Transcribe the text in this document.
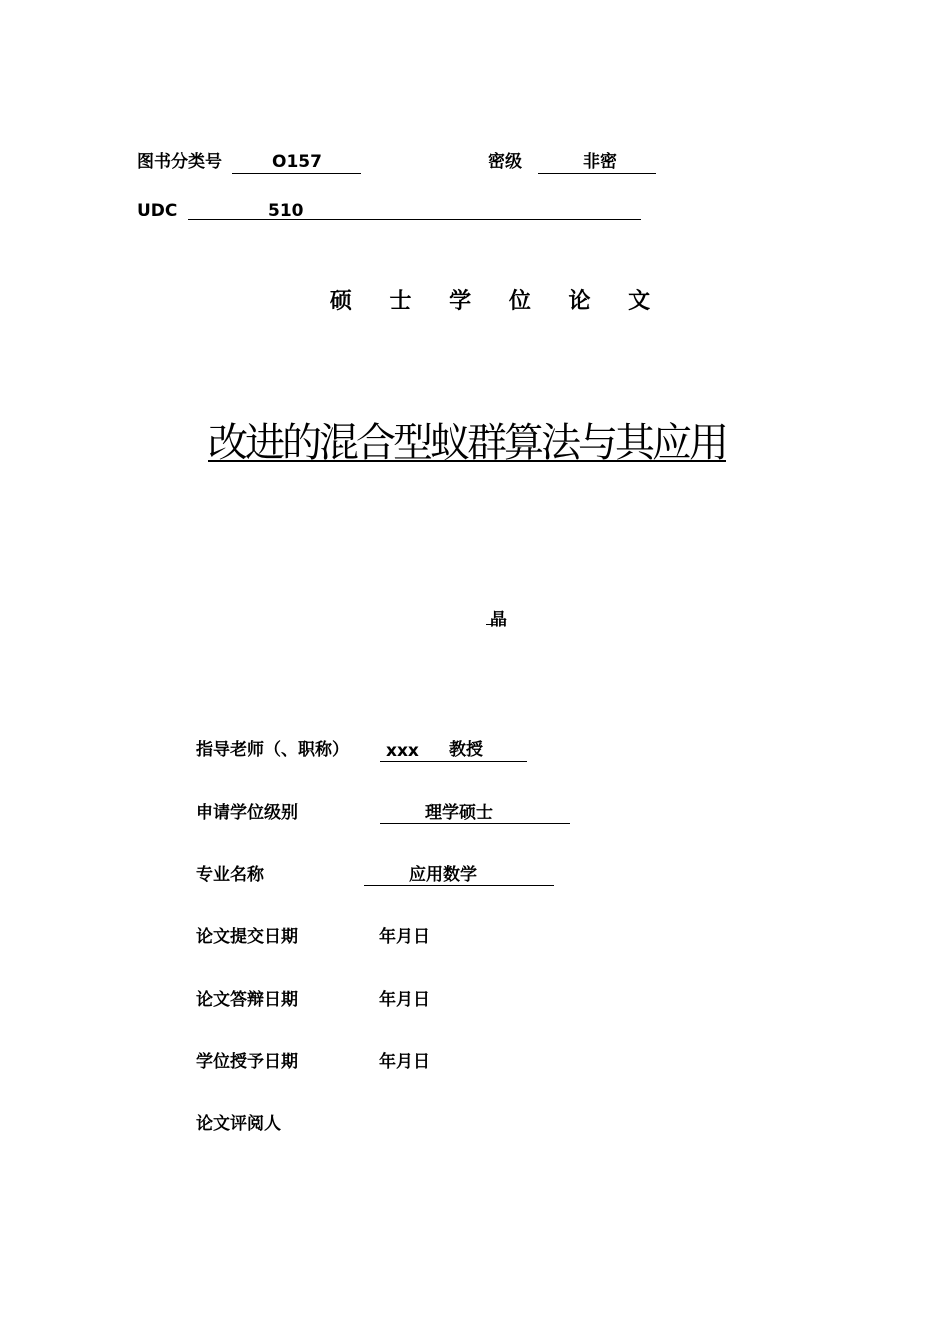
图书分类号	O157	密级	非密
UDC	510
硕 士 学 位 论 文
改进的混合型蚁群算法与其应用
晶
指导老师（、职称） xxx 教授
申请学位级别	理学硕士
专业名称	应用数学
论文提交日期	年月日
论文答辩日期	年月日
学位授予日期	年月日
论文评阅人
